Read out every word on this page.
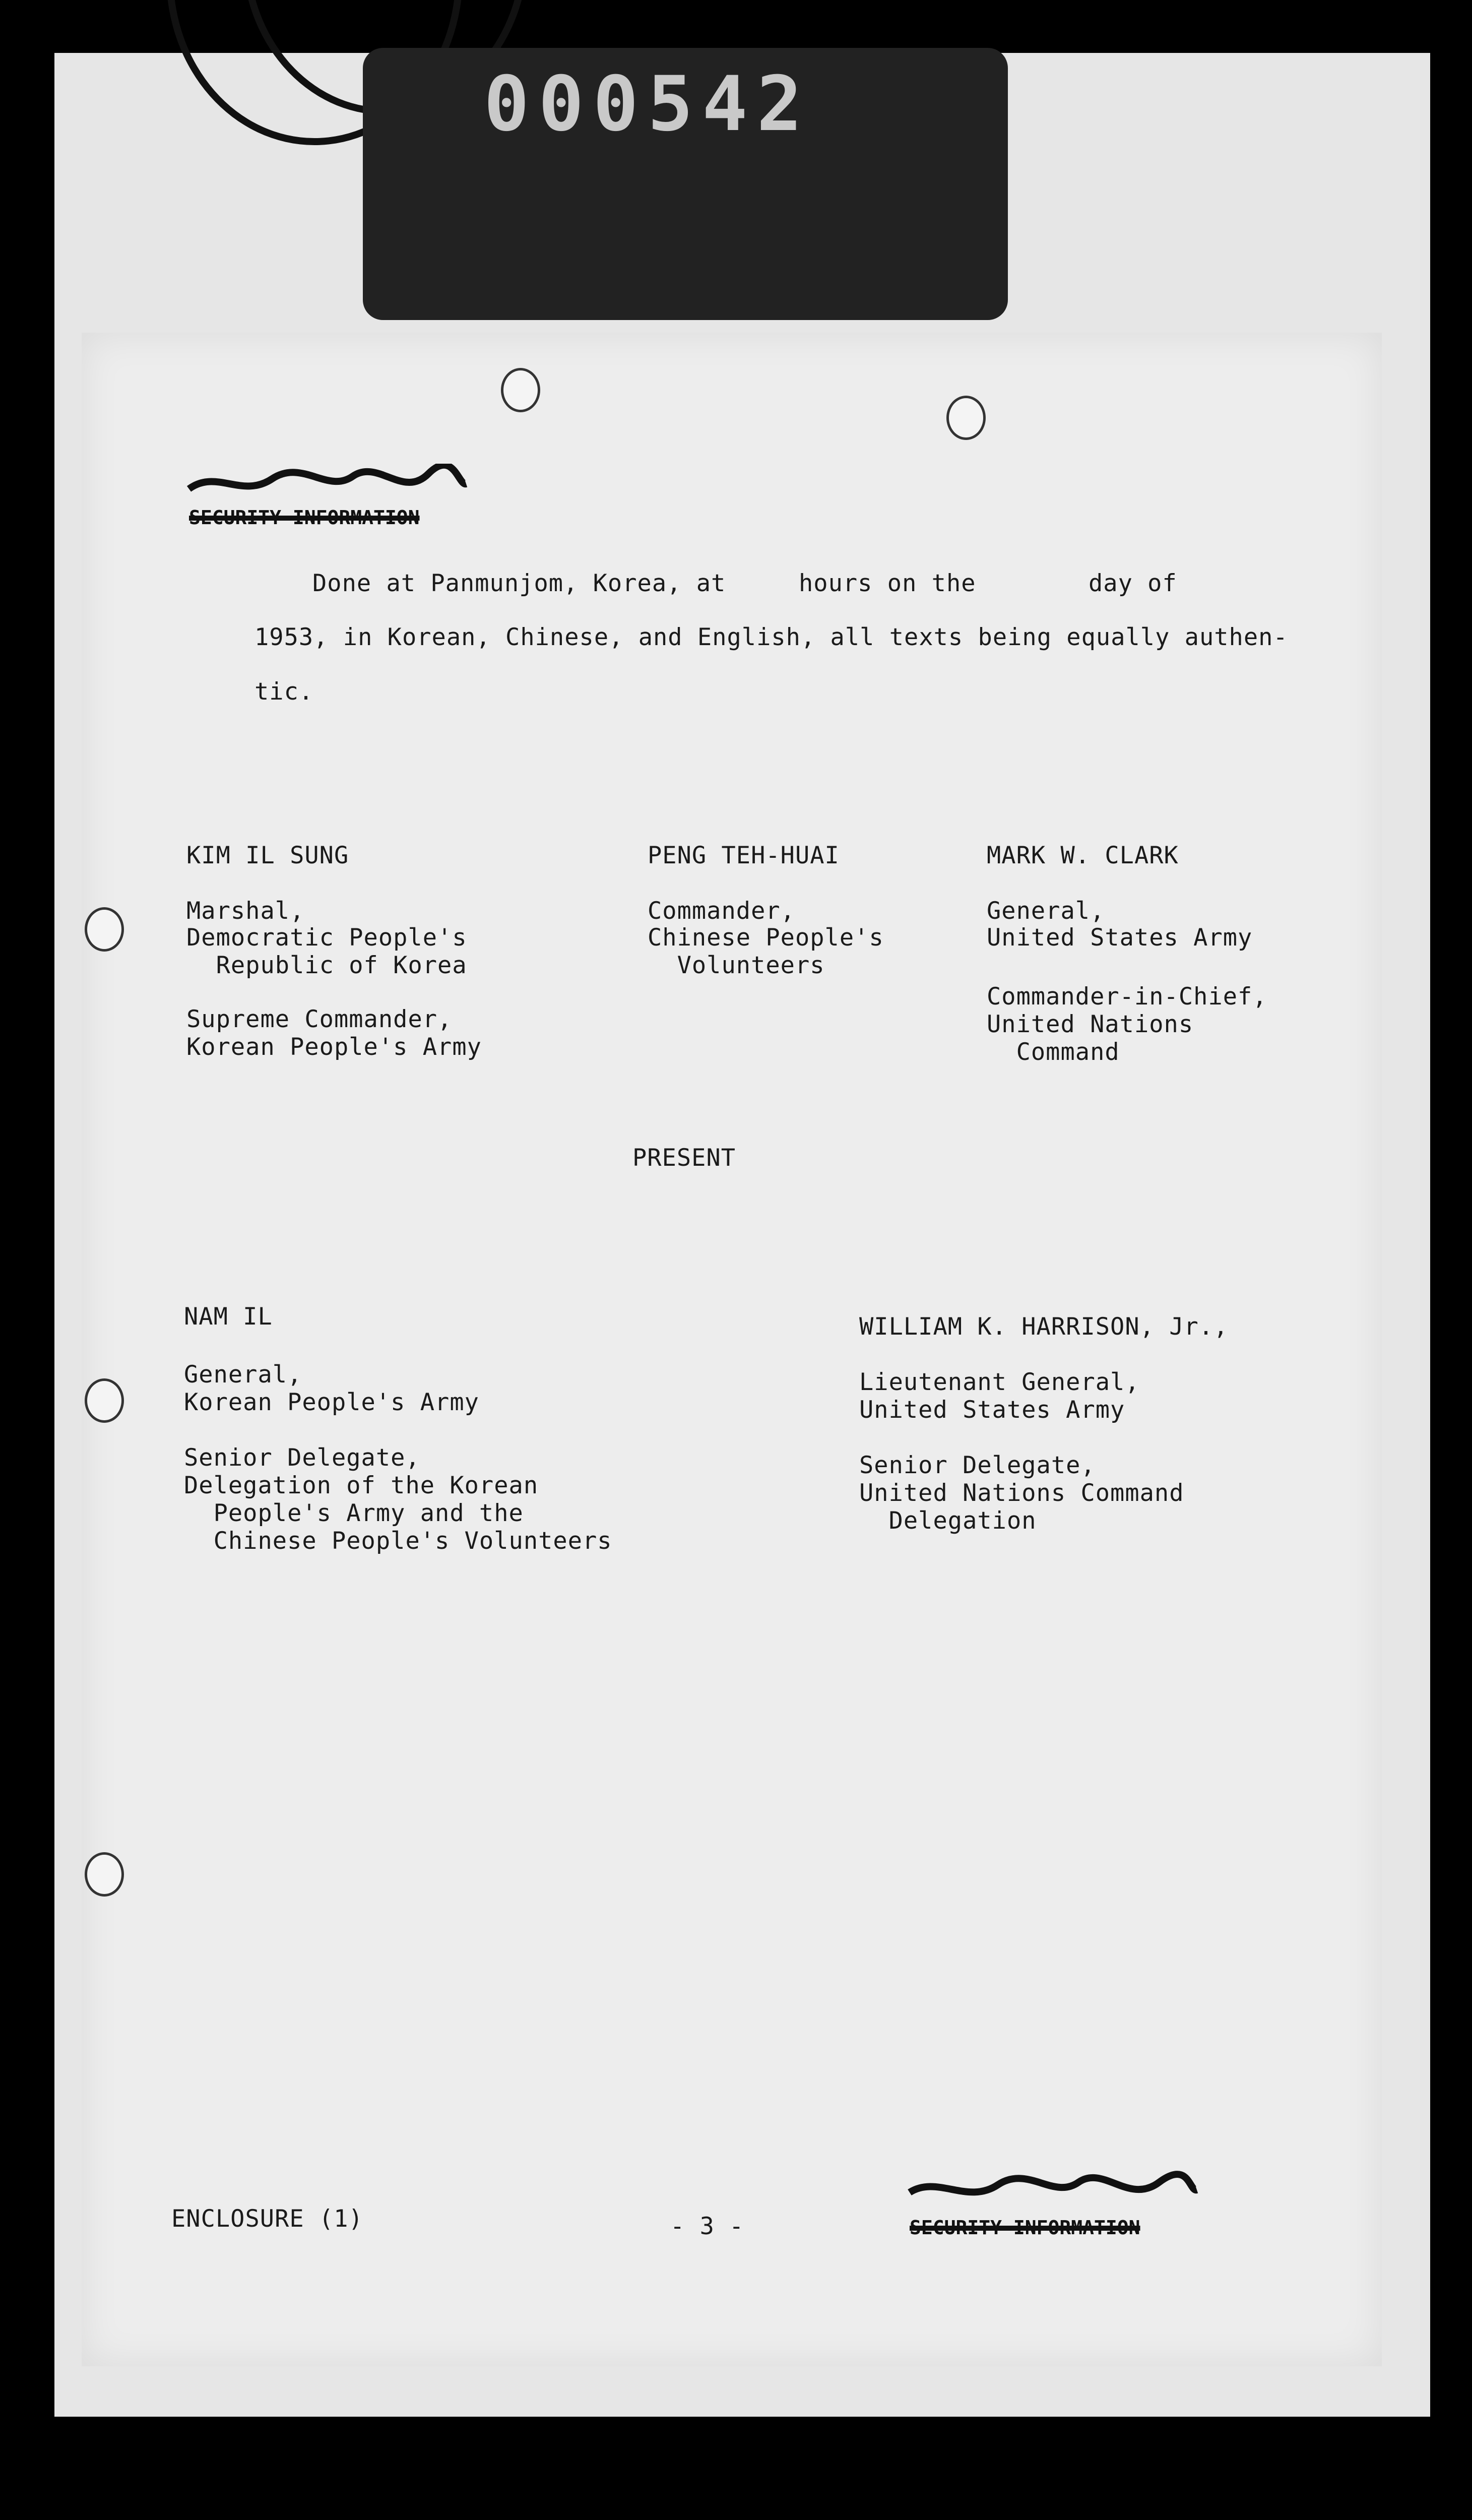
000542
SECURITY INFORMATION
Done at Panmunjom, Korea, at	hours on the	day of
1953, in Korean, Chinese, and English, all texts being equally authen-
tic.
KIM IL SUNG
Marshal,
Democratic People's
Republic of Korea
Supreme Commander,
Korean People's Army
PENG TEH-HUAI
Commander,
Chinese People's
Volunteers
MARK W. CLARK
General,
United States Army
Commander-in-Chief,
United Nations
Command
PRESENT
NAM IL
General,
Korean People's Army
Senior Delegate,
Delegation of the Korean
People's Army and the
Chinese People's Volunteers
WILLIAM K. HARRISON, Jr.,
Lieutenant General,
United States Army
Senior Delegate,
United Nations Command
Delegation
ENCLOSURE (1)	- 3 -	SECURITY INFORMATION
